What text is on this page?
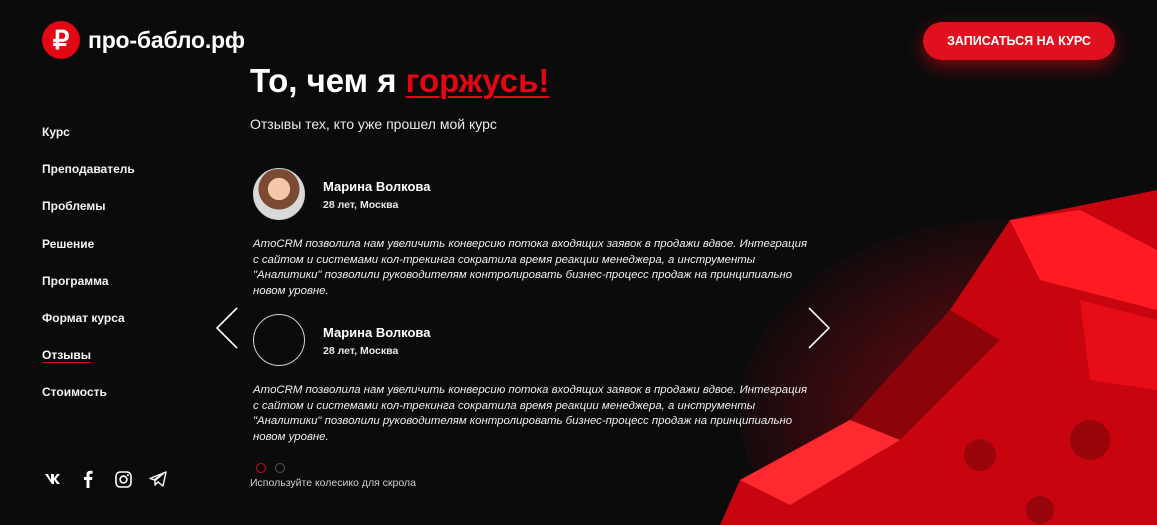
₽ про-бабло.рф	ЗАПИСАТЬСЯ НА КУРС
Курс
Преподаватель
Проблемы
Решение
Программа
Формат курса
Отзывы
Стоимость
То, чем я горжусь!
Отзывы тех, кто уже прошел мой курс
Марина Волкова
28 лет, Москва
AmoCRM позволила нам увеличить конверсию потока входящих заявок в продажи вдвое. Интеграция с сайтом и системами кол-трекинга сократила время реакции менеджера, а инструменты "Аналитики" позволили руководителям контролировать бизнес-процесс продаж на принципиально новом уровне.
Марина Волкова
28 лет, Москва
AmoCRM позволила нам увеличить конверсию потока входящих заявок в продажи вдвое. Интеграция с сайтом и системами кол-трекинга сократила время реакции менеджера, а инструменты "Аналитики" позволили руководителям контролировать бизнес-процесс продаж на принципиально новом уровне.
Используйте колесико для скрола
